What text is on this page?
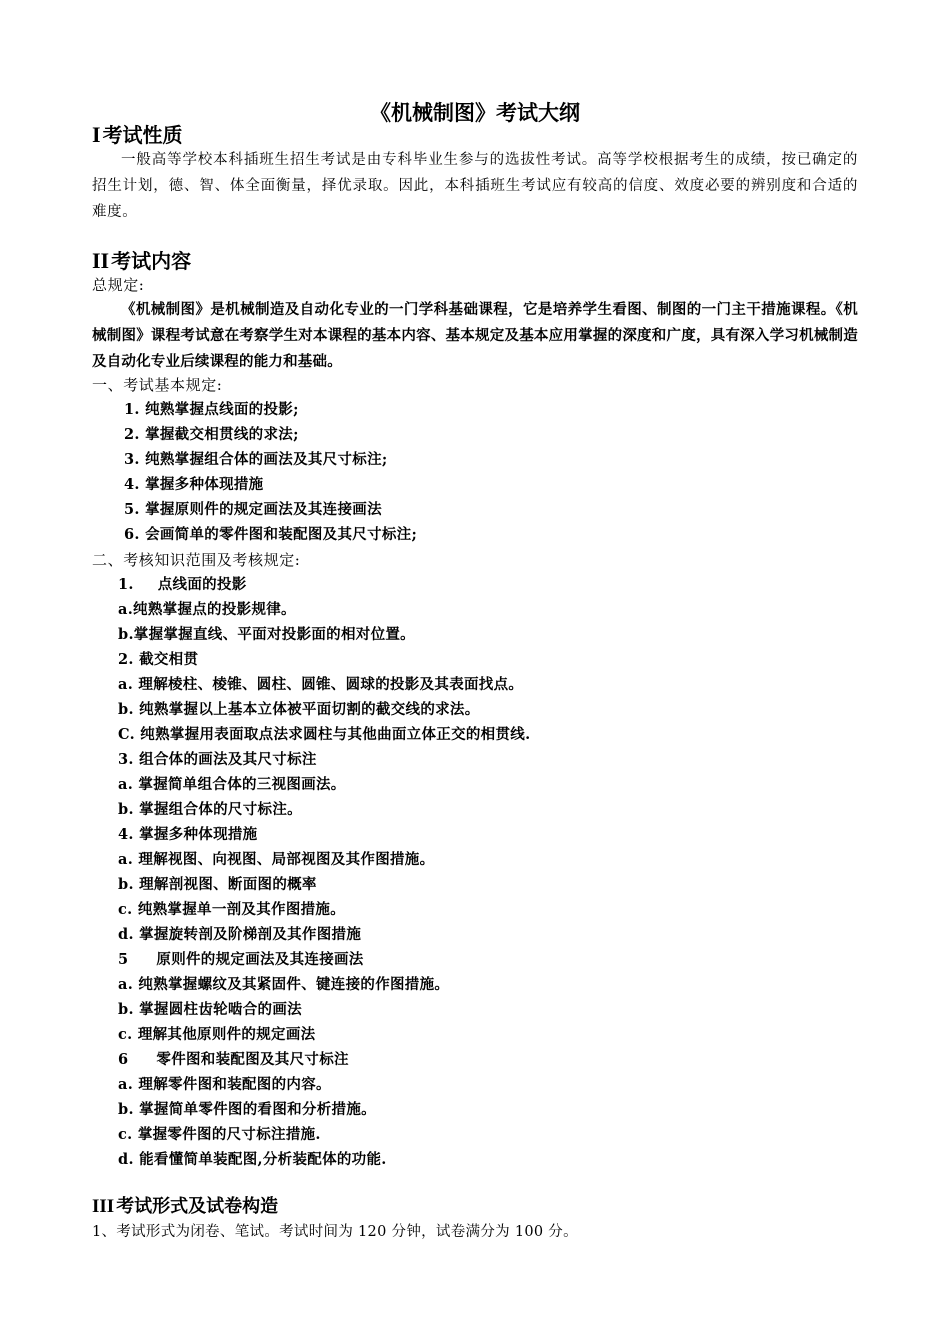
《机械制图》考试大纲
I 考试性质
一般高等学校本科插班生招生考试是由专科毕业生参与的选拔性考试。高等学校根据考生的成绩，按已确定的招生计划，德、智、体全面衡量，择优录取。因此，本科插班生考试应有较高的信度、效度必要的辨别度和合适的难度。
II 考试内容
总规定:
《机械制图》是机械制造及自动化专业的一门学科基础课程，它是培养学生看图、制图的一门主干措施课程。《机械制图》课程考试意在考察学生对本课程的基本内容、基本规定及基本应用掌握的深度和广度，具有深入学习机械制造及自动化专业后续课程的能力和基础。
一、考试基本规定:
1. 纯熟掌握点线面的投影;
2. 掌握截交相贯线的求法;
3. 纯熟掌握组合体的画法及其尺寸标注;
4. 掌握多种体现措施
5. 掌握原则件的规定画法及其连接画法
6. 会画简单的零件图和装配图及其尺寸标注;
二、考核知识范围及考核规定:
1. 点线面的投影
a.纯熟掌握点的投影规律。
b.掌握掌握直线、平面对投影面的相对位置。
2. 截交相贯
a. 理解棱柱、棱锥、圆柱、圆锥、圆球的投影及其表面找点。
b. 纯熟掌握以上基本立体被平面切割的截交线的求法。
C. 纯熟掌握用表面取点法求圆柱与其他曲面立体正交的相贯线.
3. 组合体的画法及其尺寸标注
a. 掌握简单组合体的三视图画法。
b. 掌握组合体的尺寸标注。
4. 掌握多种体现措施
a. 理解视图、向视图、局部视图及其作图措施。
b. 理解剖视图、断面图的概率
c. 纯熟掌握单一剖及其作图措施。
d. 掌握旋转剖及阶梯剖及其作图措施
5 原则件的规定画法及其连接画法
a. 纯熟掌握螺纹及其紧固件、键连接的作图措施。
b. 掌握圆柱齿轮啮合的画法
c. 理解其他原则件的规定画法
6 零件图和装配图及其尺寸标注
a. 理解零件图和装配图的内容。
b. 掌握简单零件图的看图和分析措施。
c. 掌握零件图的尺寸标注措施.
d. 能看懂简单装配图,分析装配体的功能.
III 考试形式及试卷构造
1、考试形式为闭卷、笔试。考试时间为 120 分钟，试卷满分为 100 分。
